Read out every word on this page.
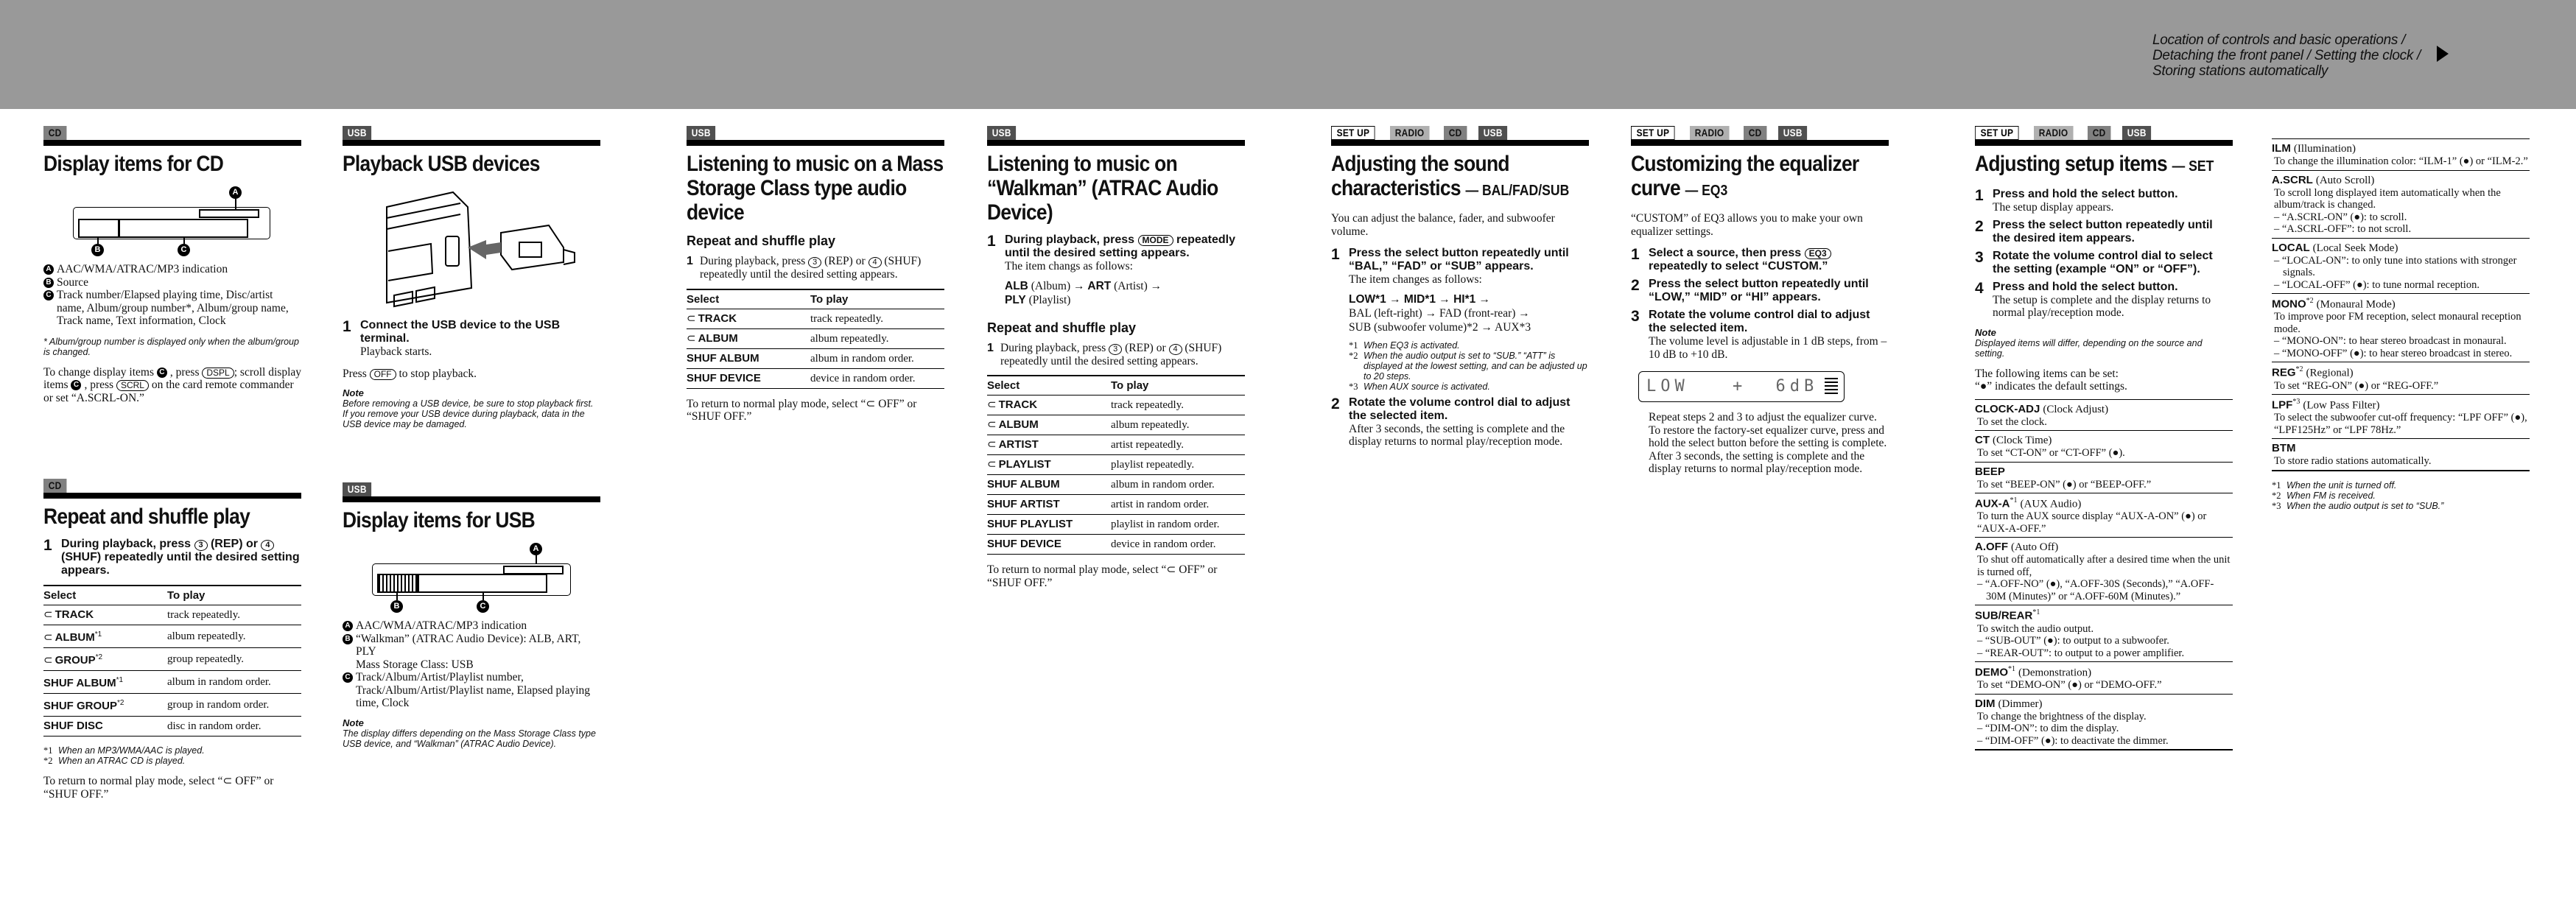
Location of controls and basic operations /
Detaching the front panel / Setting the clock /
Storing stations automatically
CD
Display items for CD
A
B	C
A AAC/WMA/ATRAC/MP3 indication
B Source
C Track number/Elapsed playing time, Disc/artist name, Album/group number*, Album/group name, Track name, Text information, Clock
* Album/group number is displayed only when the album/group is changed.

To change display items C , press DSPL ; scroll display items C , press SCRL on the card remote commander or set “A.SCRL-ON.”

CD
Repeat and shuffle play
1 During playback, press 3 (REP) or 4 (SHUF) repeatedly until the desired setting appears.
Select	To play
⊂ TRACK	track repeatedly.
⊂ ALBUM$^{*1}$	album repeatedly.
⊂ GROUP$^{*2}$	group repeatedly.
SHUF ALBUM$^{*1}$	album in random order.
SHUF GROUP$^{*2}$	group in random order.
SHUF DISC	disc in random order.
*1 When an MP3/WMA/AAC is played.
*2 When an ATRAC CD is played.

To return to normal play mode, select “⊂ OFF” or “SHUF OFF.”

USB
Playback USB devices
1 Connect the USB device to the USB terminal.
Playback starts.

Press OFF to stop playback.

Note
Before removing a USB device, be sure to stop playback first. If you remove your USB device during playback, data in the USB device may be damaged.
USB
Display items for USB
A
B	C
A AAC/WMA/ATRAC/MP3 indication
B “Walkman” (ATRAC Audio Device): ALB, ART, PLY
Mass Storage Class: USB
C Track/Album/Artist/Playlist number, Track/Album/Artist/Playlist name, Elapsed playing time, Clock
Note
The display differs depending on the Mass Storage Class type USB device, and “Walkman” (ATRAC Audio Device).
USB
Listening to music on a Mass Storage Class type audio device
Repeat and shuffle play
1 During playback, press 3 (REP) or 4 (SHUF) repeatedly until the desired setting appears.
Select	To play
⊂ TRACK	track repeatedly.
⊂ ALBUM	album repeatedly.
SHUF ALBUM	album in random order.
SHUF DEVICE	device in random order.

To return to normal play mode, select “⊂ OFF” or “SHUF OFF.”

USB
Listening to music on “Walkman” (ATRAC Audio Device)
1 During playback, press MODE repeatedly until the desired setting appears.
The item changs as follows:
ALB (Album) → ART (Artist) →
PLY (Playlist)
Repeat and shuffle play
1 During playback, press 3 (REP) or 4 (SHUF) repeatedly until the desired setting appears.
Select	To play
⊂ TRACK	track repeatedly.
⊂ ALBUM	album repeatedly.
⊂ ARTIST	artist repeatedly.
⊂ PLAYLIST	playlist repeatedly.
SHUF ALBUM	album in random order.
SHUF ARTIST	artist in random order.
SHUF PLAYLIST	playlist in random order.
SHUF DEVICE	device in random order.

To return to normal play mode, select “⊂ OFF” or “SHUF OFF.”

SET UP	RADIO	CD	USB
Adjusting the sound characteristics — BAL/FAD/SUB

You can adjust the balance, fader, and subwoofer volume.

1 Press the select button repeatedly until “BAL,” “FAD” or “SUB” appears.
The item changes as follows:
LOW*1 → MID*1 → HI*1 →
BAL (left-right) → FAD (front-rear) →
SUB (subwoofer volume)*2 → AUX*3
*1 When EQ3 is activated.
*2 When the audio output is set to “SUB.” “ATT” is displayed at the lowest setting, and can be adjusted up to 20 steps.
*3 When AUX source is activated.
2 Rotate the volume control dial to adjust the selected item.
After 3 seconds, the setting is complete and the display returns to normal play/reception mode.
SET UP	RADIO	CD	USB
Customizing the equalizer curve — EQ3

“CUSTOM” of EQ3 allows you to make your own equalizer settings.

1 Select a source, then press EQ3 repeatedly to select “CUSTOM.”
2 Press the select button repeatedly until “LOW,” “MID” or “HI” appears.
3 Rotate the volume control dial to adjust the selected item.
The volume level is adjustable in 1 dB steps, from –10 dB to +10 dB.
LOW	+ 6dB

Repeat steps 2 and 3 to adjust the equalizer curve.

To restore the factory-set equalizer curve, press and hold the select button before the setting is complete.

After 3 seconds, the setting is complete and the display returns to normal play/reception mode.

SET UP	RADIO	CD	USB
Adjusting setup items — SET
1 Press and hold the select button.
The setup display appears.
2 Press the select button repeatedly until the desired item appears.
3 Rotate the volume control dial to select the setting (example “ON” or “OFF”).
4 Press and hold the select button.
The setup is complete and the display returns to normal play/reception mode.
Note
Displayed items will differ, depending on the source and setting.

The following items can be set:

“●” indicates the default settings.

CLOCK-ADJ (Clock Adjust)
To set the clock.
CT (Clock Time)
To set “CT-ON” or “CT-OFF” (●).
BEEP
To set “BEEP-ON” (●) or “BEEP-OFF.”
AUX-$A^{*1}$ (AUX Audio)
To turn the AUX source display “AUX-A-ON” (●) or “AUX-A-OFF.”
A.OFF (Auto Off)
To shut off automatically after a desired time when the unit is turned off,
– “A.OFF-NO” (●), “A.OFF-30S (Seconds),” “A.OFF-30M (Minutes)” or “A.OFF-60M (Minutes).”
SUB/REAR$^{*1}$
To switch the audio output.
– “SUB-OUT” (●): to output to a subwoofer.
– “REAR-OUT”: to output to a power amplifier.
DEMO$^{*1}$ (Demonstration)
To set “DEMO-ON” (●) or “DEMO-OFF.”
DIM (Dimmer)
To change the brightness of the display.
– “DIM-ON”: to dim the display.
– “DIM-OFF” (●): to deactivate the dimmer.
ILM (Illumination)
To change the illumination color: “ILM-1” (●) or “ILM-2.”
A.SCRL (Auto Scroll)
To scroll long displayed item automatically when the album/track is changed.
– “A.SCRL-ON” (●): to scroll.
– “A.SCRL-OFF”: to not scroll.
LOCAL (Local Seek Mode)
– “LOCAL-ON”: to only tune into stations with stronger signals.
– “LOCAL-OFF” (●): to tune normal reception.
MONO$^{*2}$ (Monaural Mode)
To improve poor FM reception, select monaural reception mode.
– “MONO-ON”: to hear stereo broadcast in monaural.
– “MONO-OFF” (●): to hear stereo broadcast in stereo.
REG$^{*2}$ (Regional)
To set “REG-ON” (●) or “REG-OFF.”
LPF$^{*3}$ (Low Pass Filter)
To select the subwoofer cut-off frequency: “LPF OFF” (●), “LPF125Hz” or “LPF 78Hz.”
BTM
To store radio stations automatically.
*1 When the unit is turned off.
*2 When FM is received.
*3 When the audio output is set to “SUB.”
